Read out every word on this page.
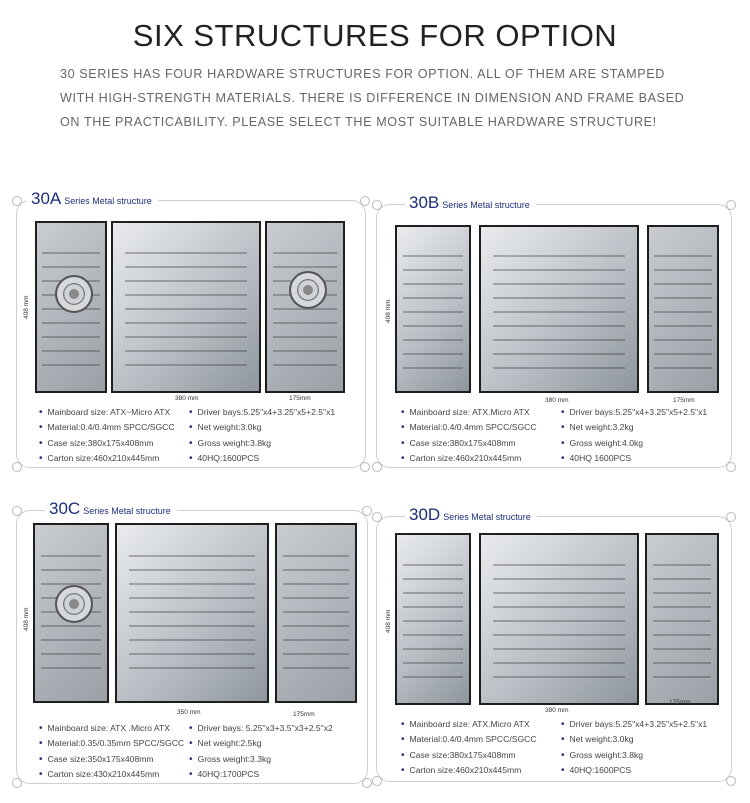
SIX STRUCTURES FOR OPTION
30 SERIES HAS FOUR HARDWARE STRUCTURES FOR OPTION. ALL OF THEM ARE STAMPED
WITH HIGH-STRENGTH MATERIALS. THERE IS DIFFERENCE IN DIMENSION AND FRAME BASED
ON THE PRACTICABILITY. PLEASE SELECT THE MOST SUITABLE HARDWARE STRUCTURE!
30A Series Metal structure
408 mm
380 mm	175mm
• Mainboard size: ATX~Micro ATX
• Material:0.4/0.4mm SPCC/SGCC
• Case size:380x175x408mm
• Carton size:460x210x445mm
• Driver bays:5.25"x4+3.25"x5+2.5"x1
• Net weight:3.0kg
• Gross weight:3.8kg
• 40HQ:1600PCS
30B Series Metal structure
408 mm
380 mm	175mm
• Mainboard size: ATX.Micro ATX
• Material:0.4/0.4mm SPCC/SGCC
• Case size:380x175x408mm
• Carton size:460x210x445mm
• Driver bays:5.25"x4+3.25"x5+2.5"x1
• Net weight:3.2kg
• Gross weight:4.0kg
• 40HQ 1600PCS
30C Series Metal structure
408 mm
350 mm	175mm
• Mainboard size: ATX .Micro ATX
• Material:0.35/0.35mm SPCC/SGCC
• Case size:350x175x408mm
• Carton size:430x210x445mm
• Driver bays: 5.25"x3+3.5"x3+2.5"x2
• Net weight:2.5kg
• Gross weight:3.3kg
• 40HQ:1700PCS
30D Series Metal structure
408 mm
380 mm
175mm
• Mainboard size: ATX.Micro ATX
• Material:0.4/0.4mm SPCC/SGCC
• Case size:380x175x408mm
• Carton size:460x210x445mm
• Driver bays:5.25"x4+3.25"x5+2.5"x1
• Net weight:3.0kg
• Gross weight:3.8kg
• 40HQ:1600PCS
